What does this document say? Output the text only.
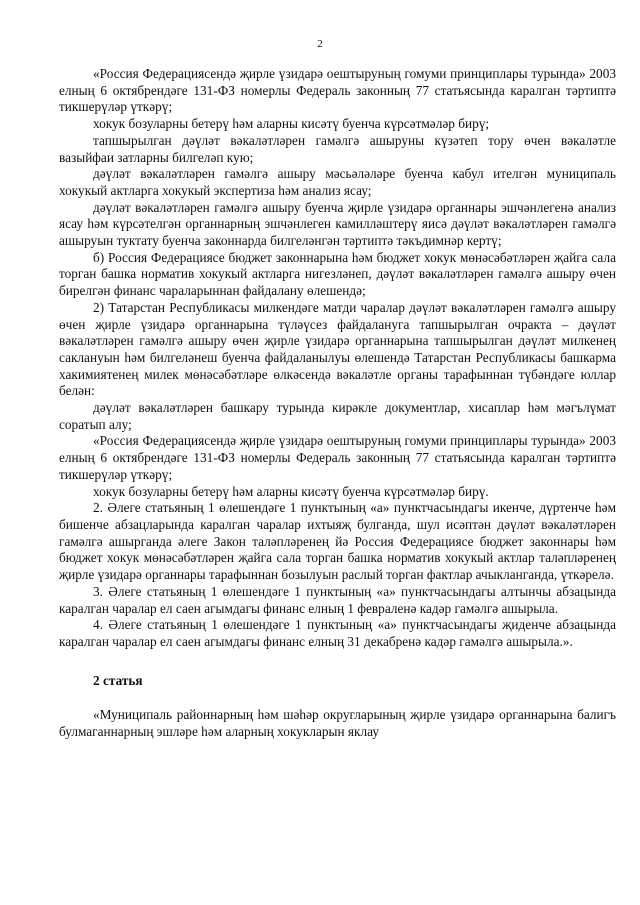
2

«Россия Федерациясендә җирле үзидарә оештыруның гомуми принциплары турында» 2003 елның 6 октябрендәге 131-ФЗ номерлы Федераль законның 77 статьясында каралган тәртиптә тикшерүләр үткәрү;

хокук бозуларны бетерү һәм аларны кисәтү буенча күрсәтмәләр бирү;

тапшырылган дәүләт вәкаләтләрен гамәлгә ашыруны күзәтеп тору өчен вәкаләтле вазыйфаи затларны билгеләп кую;

дәүләт вәкаләтләрен гамәлгә ашыру мәсьәләләре буенча кабул ителгән муниципаль хокукый актларга хокукый экспертиза һәм анализ ясау;

дәүләт вәкаләтләрен гамәлгә ашыру буенча җирле үзидарә органнары эшчәнлегенә анализ ясау һәм күрсәтелгән органнарның эшчәнлеген камилләштерү яисә дәүләт вәкаләтләрен гамәлгә ашыруын туктату буенча законнарда билгеләнгән тәртиптә тәкъдимнәр кертү;

б) Россия Федерациясе бюджет законнарына һәм бюджет хокук мөнәсәбәтләрен җайга сала торган башка норматив хокукый актларга нигезләнеп, дәүләт вәкаләтләрен гамәлгә ашыру өчен бирелгән финанс чараларыннан файдалану өлешендә;

2) Татарстан Республикасы милкендәге матди чаралар дәүләт вәкаләтләрен гамәлгә ашыру өчен җирле үзидарә органнарына түләүсез файдалануга тапшырылган очракта – дәүләт вәкаләтләрен гамәлгә ашыру өчен җирле үзидарә органнарына тапшырылган дәүләт милкенең саклануын һәм билгеләнеш буенча файдаланылуы өлешендә Татарстан Республикасы башкарма хакимиятенең милек мөнәсәбәтләре өлкәсендә вәкаләтле органы тарафыннан түбәндәге юллар белән:

дәүләт вәкаләтләрен башкару турында кирәкле документлар, хисаплар һәм мәгълүмат соратып алу;

«Россия Федерациясендә җирле үзидарә оештыруның гомуми принциплары турында» 2003 елның 6 октябрендәге 131-ФЗ номерлы Федераль законның 77 статьясында каралган тәртиптә тикшерүләр үткәрү;

хокук бозуларны бетерү һәм аларны кисәтү буенча күрсәтмәләр бирү.

2. Әлеге статьяның 1 өлешендәге 1 пунктының «а» пунктчасындагы икенче, дүртенче һәм бишенче абзацларында каралган чаралар ихтыяҗ булганда, шул исәптән дәүләт вәкаләтләрен гамәлгә ашырганда әлеге Закон таләпләренең йә Россия Федерациясе бюджет законнары һәм бюджет хокук мөнәсәбәтләрен җайга сала торган башка норматив хокукый актлар таләпләренең җирле үзидарә органнары тарафыннан бозылуын раслый торган фактлар ачыкланганда, үткәрелә.

3. Әлеге статьяның 1 өлешендәге 1 пунктының «а» пунктчасындагы алтынчы абзацында каралган чаралар ел саен агымдагы финанс елның 1 февраленә кадәр гамәлгә ашырыла.

4. Әлеге статьяның 1 өлешендәге 1 пунктының «а» пунктчасындагы җиденче абзацында каралган чаралар ел саен агымдагы финанс елның 31 декабренә кадәр гамәлгә ашырыла.».

2 статья

«Муниципаль районнарның һәм шәһәр округларының җирле үзидарә органнарына балигъ булмаганнарның эшләре һәм аларның хокукларын яклау
